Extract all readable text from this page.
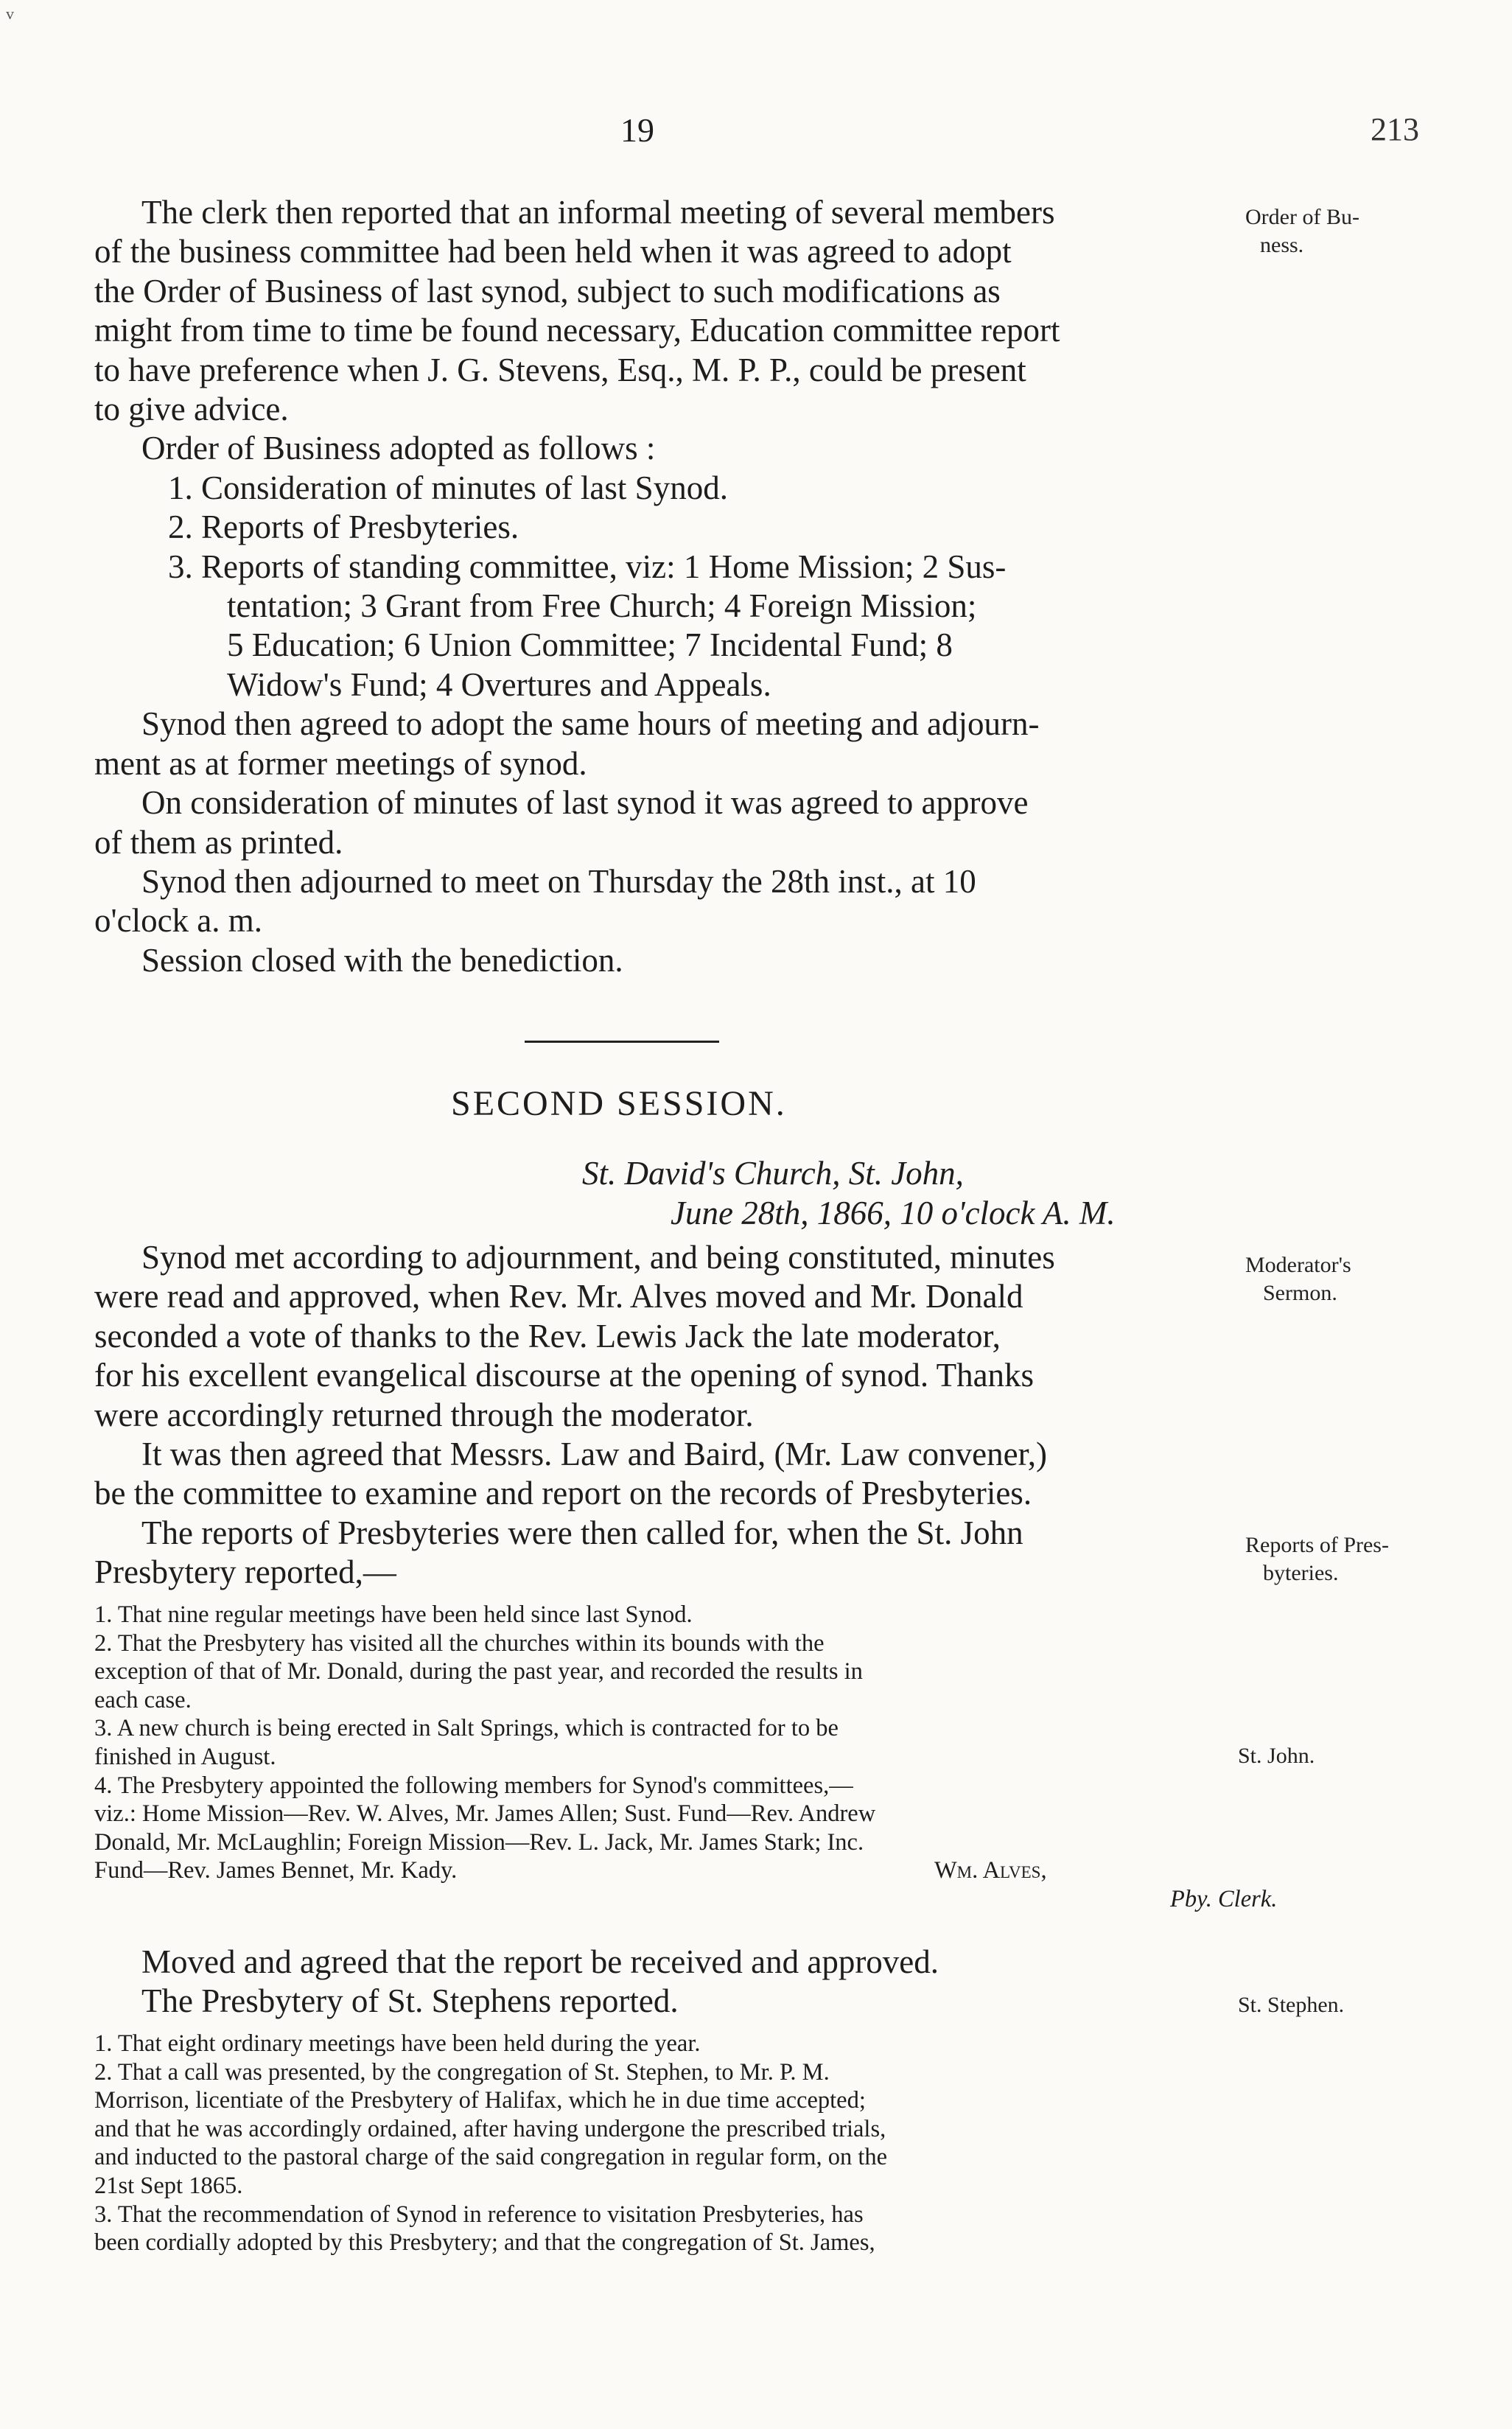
v
19	213
The clerk then reported that an informal meeting of several members
of the business committee had been held when it was agreed to adopt
the Order of Business of last synod, subject to such modifications as
might from time to time be found necessary, Education committee report
to have preference when J. G. Stevens, Esq., M. P. P., could be present
to give advice.
Order of Business adopted as follows :
1. Consideration of minutes of last Synod.
2. Reports of Presbyteries.
3. Reports of standing committee, viz: 1 Home Mission; 2 Sus-
tentation; 3 Grant from Free Church; 4 Foreign Mission;
5 Education; 6 Union Committee; 7 Incidental Fund; 8
Widow's Fund; 4 Overtures and Appeals.
Synod then agreed to adopt the same hours of meeting and adjourn-
ment as at former meetings of synod.
On consideration of minutes of last synod it was agreed to approve
of them as printed.
Synod then adjourned to meet on Thursday the 28th inst., at 10
o'clock a. m.
Session closed with the benediction.
Order of Bu-
ness.
SECOND SESSION.
St. David's Church, St. John,
June 28th, 1866, 10 o'clock A. M.
Synod met according to adjournment, and being constituted, minutes
were read and approved, when Rev. Mr. Alves moved and Mr. Donald
seconded a vote of thanks to the Rev. Lewis Jack the late moderator,
for his excellent evangelical discourse at the opening of synod. Thanks
were accordingly returned through the moderator.
It was then agreed that Messrs. Law and Baird, (Mr. Law convener,)
be the committee to examine and report on the records of Presbyteries.
The reports of Presbyteries were then called for, when the St. John
Presbytery reported,—
Moderator's
Sermon.
Reports of Pres-
byteries.
1. That nine regular meetings have been held since last Synod.
2. That the Presbytery has visited all the churches within its bounds with the
exception of that of Mr. Donald, during the past year, and recorded the results in
each case.
3. A new church is being erected in Salt Springs, which is contracted for to be
finished in August.
4. The Presbytery appointed the following members for Synod's committees,—
viz.: Home Mission—Rev. W. Alves, Mr. James Allen; Sust. Fund—Rev. Andrew
Donald, Mr. McLaughlin; Foreign Mission—Rev. L. Jack, Mr. James Stark; Inc.
Fund—Rev. James Bennet, Mr. Kady.	Wm. Alves,
Pby. Clerk.
St. John.
Moved and agreed that the report be received and approved.
The Presbytery of St. Stephens reported.	St. Stephen.
1. That eight ordinary meetings have been held during the year.
2. That a call was presented, by the congregation of St. Stephen, to Mr. P. M.
Morrison, licentiate of the Presbytery of Halifax, which he in due time accepted;
and that he was accordingly ordained, after having undergone the prescribed trials,
and inducted to the pastoral charge of the said congregation in regular form, on the
21st Sept 1865.
3. That the recommendation of Synod in reference to visitation Presbyteries, has
been cordially adopted by this Presbytery; and that the congregation of St. James,
